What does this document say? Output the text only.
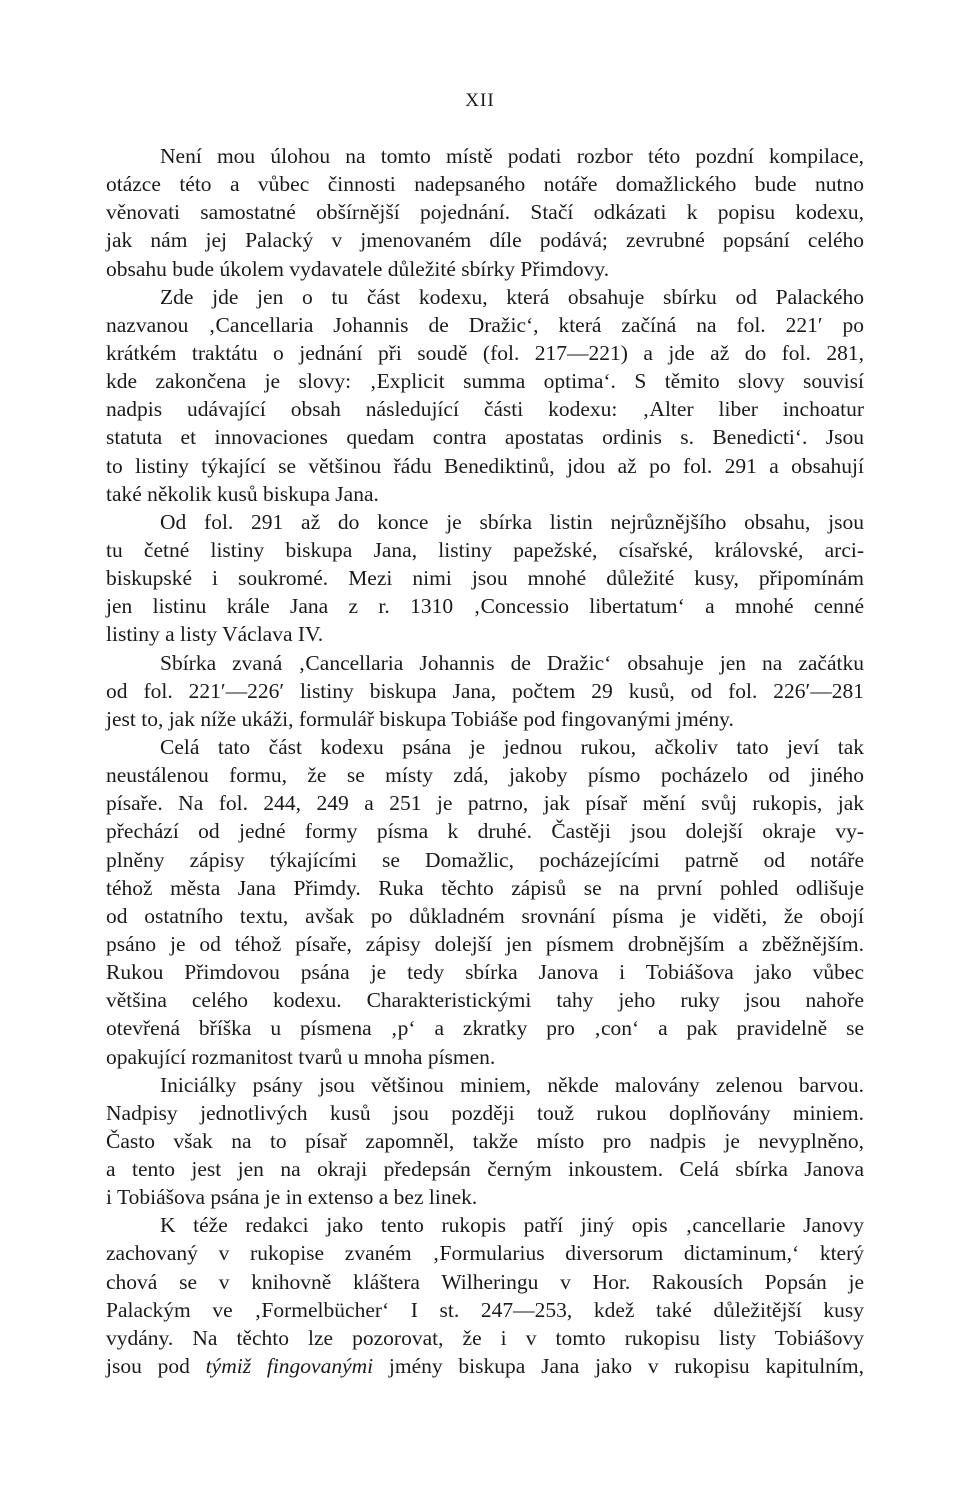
XII
Není mou úlohou na tomto místě podati rozbor této pozdní kompilace,
otázce této a vůbec činnosti nadepsaného notáře domažlického bude nutno
věnovati samostatné obšírnější pojednání. Stačí odkázati k popisu kodexu,
jak nám jej Palacký v jmenovaném díle podává; zevrubné popsání celého
obsahu bude úkolem vydavatele důležité sbírky Přimdovy.
Zde jde jen o tu část kodexu, která obsahuje sbírku od Palackého
nazvanou ‚Cancellaria Johannis de Dražic‘, která začíná na fol. 221′ po
krátkém traktátu o jednání při soudě (fol. 217—221) a jde až do fol. 281,
kde zakončena je slovy: ‚Explicit summa optima‘. S těmito slovy souvisí
nadpis udávající obsah následující části kodexu: ‚Alter liber inchoatur
statuta et innovaciones quedam contra apostatas ordinis s. Benedicti‘. Jsou
to listiny týkající se většinou řádu Benediktinů, jdou až po fol. 291 a obsahují
také několik kusů biskupa Jana.
Od fol. 291 až do konce je sbírka listin nejrůznějšího obsahu, jsou
tu četné listiny biskupa Jana, listiny papežské, císařské, královské, arci-
biskupské i soukromé. Mezi nimi jsou mnohé důležité kusy, připomínám
jen listinu krále Jana z r. 1310 ‚Concessio libertatum‘ a mnohé cenné
listiny a listy Václava IV.
Sbírka zvaná ‚Cancellaria Johannis de Dražic‘ obsahuje jen na začátku
od fol. 221′—226′ listiny biskupa Jana, počtem 29 kusů, od fol. 226′—281
jest to, jak níže ukáži, formulář biskupa Tobiáše pod fingovanými jmény.
Celá tato část kodexu psána je jednou rukou, ačkoliv tato jeví tak
neustálenou formu, že se místy zdá, jakoby písmo pocházelo od jiného
písaře. Na fol. 244, 249 a 251 je patrno, jak písař mění svůj rukopis, jak
přechází od jedné formy písma k druhé. Častěji jsou dolejší okraje vy-
plněny zápisy týkajícími se Domažlic, pocházejícími patrně od notáře
téhož města Jana Přimdy. Ruka těchto zápisů se na první pohled odlišuje
od ostatního textu, avšak po důkladném srovnání písma je viděti, že obojí
psáno je od téhož písaře, zápisy dolejší jen písmem drobnějším a zběžnějším.
Rukou Přimdovou psána je tedy sbírka Janova i Tobiášova jako vůbec
většina celého kodexu. Charakteristickými tahy jeho ruky jsou nahoře
otevřená bříška u písmena ‚p‘ a zkratky pro ‚con‘ a pak pravidelně se
opakující rozmanitost tvarů u mnoha písmen.
Iniciálky psány jsou většinou miniem, někde malovány zelenou barvou.
Nadpisy jednotlivých kusů jsou později touž rukou doplňovány miniem.
Často však na to písař zapomněl, takže místo pro nadpis je nevyplněno,
a tento jest jen na okraji předepsán černým inkoustem. Celá sbírka Janova
i Tobiášova psána je in extenso a bez linek.
K téže redakci jako tento rukopis patří jiný opis ‚cancellarie Janovy
zachovaný v rukopise zvaném ‚Formularius diversorum dictaminum,‘ který
chová se v knihovně kláštera Wilheringu v Hor. Rakousích Popsán je
Palackým ve ‚Formelbücher‘ I st. 247—253, kdež také důležitější kusy
vydány. Na těchto lze pozorovat, že i v tomto rukopisu listy Tobiášovy
jsou pod týmiž fingovanými jmény biskupa Jana jako v rukopisu kapitulním,
